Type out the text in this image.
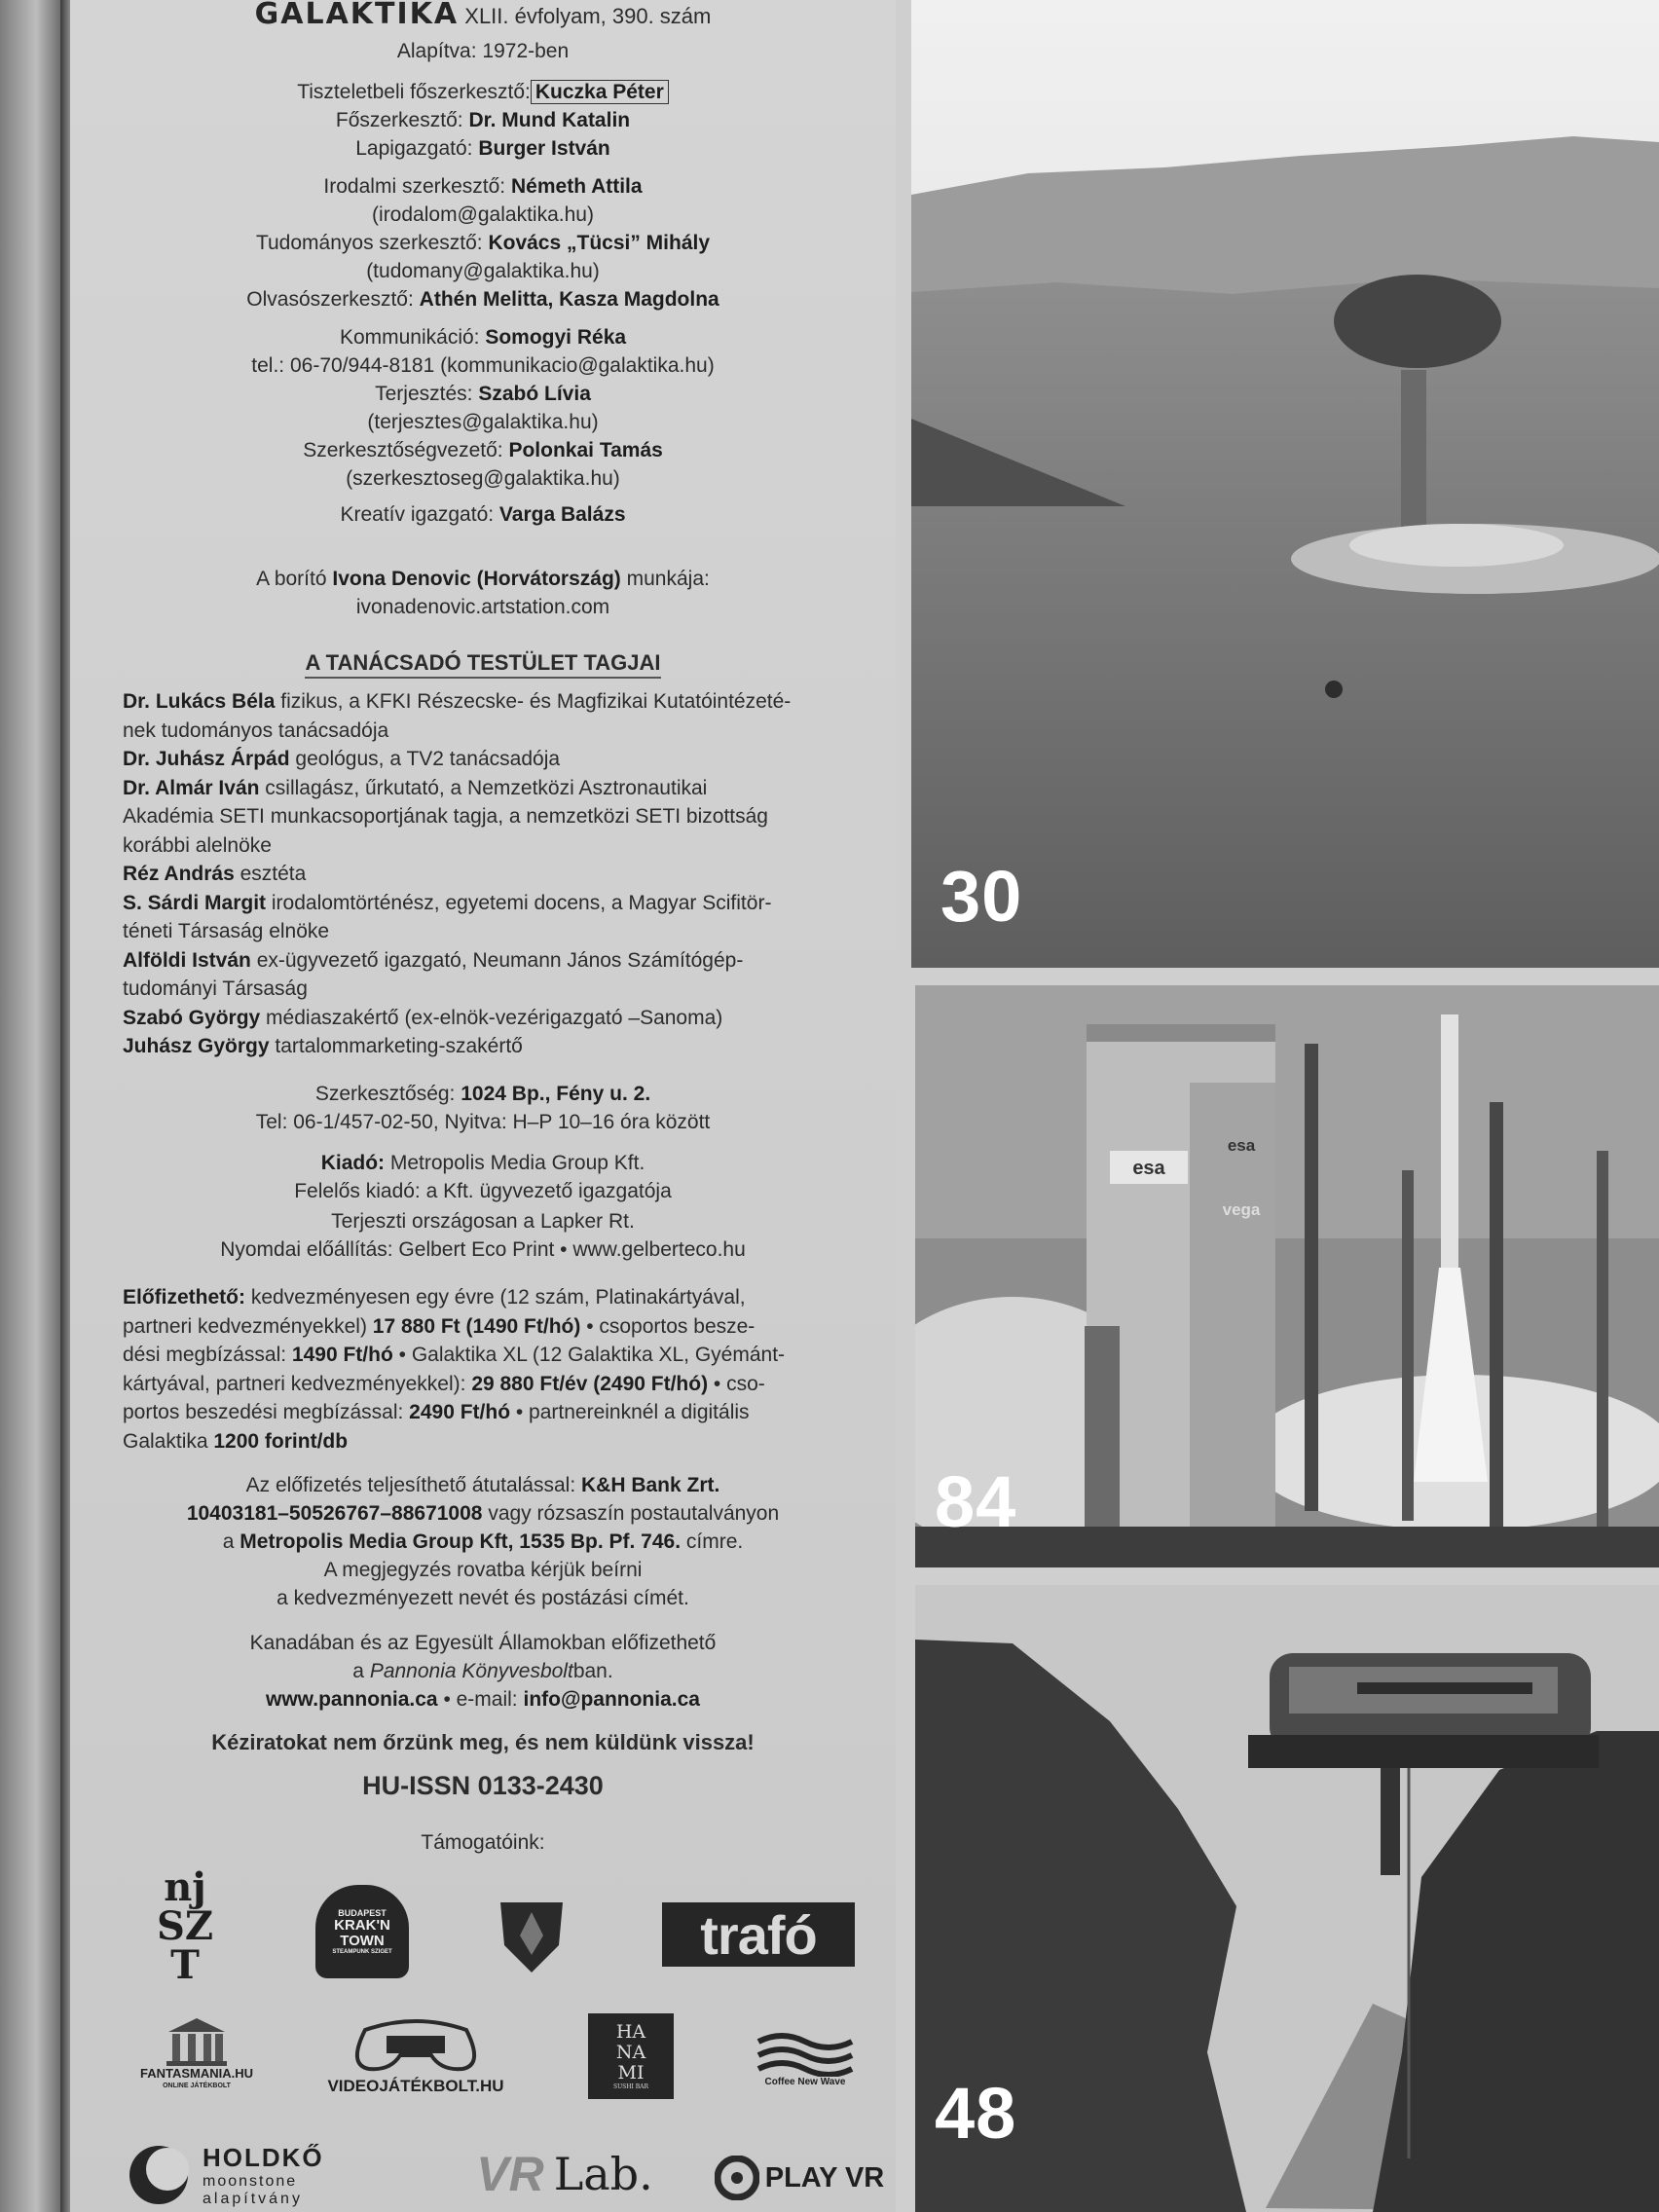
GALAKTIKA XLII. évfolyam, 390. szám
Alapítva: 1972-ben
Tiszteletbeli főszerkesztő: Kuczka Péter
Főszerkesztő: Dr. Mund Katalin
Lapigazgató: Burger István
Irodalmi szerkesztő: Németh Attila
(irodalom@galaktika.hu)
Tudományos szerkesztő: Kovács „Tücsi” Mihály
(tudomany@galaktika.hu)
Olvasószerkesztő: Athén Melitta, Kasza Magdolna
Kommunikáció: Somogyi Réka
tel.: 06-70/944-8181 (kommunikacio@galaktika.hu)
Terjesztés: Szabó Lívia
(terjesztes@galaktika.hu)
Szerkesztőségvezető: Polonkai Tamás
(szerkesztoseg@galaktika.hu)
Kreatív igazgató: Varga Balázs
A borító Ivona Denovic (Horvátország) munkája:
ivonadenovic.artstation.com
A TANÁCSADÓ TESTÜLET TAGJAI
Dr. Lukács Béla fizikus, a KFKI Részecske- és Magfizikai Kutatóintézeté-
nek tudományos tanácsadója
Dr. Juhász Árpád geológus, a TV2 tanácsadója
Dr. Almár Iván csillagász, űrkutató, a Nemzetközi Asztronautikai
Akadémia SETI munkacsoportjának tagja, a nemzetközi SETI bizottság
korábbi alelnöke
Réz András esztéta
S. Sárdi Margit irodalomtörténész, egyetemi docens, a Magyar Scifitör-
téneti Társaság elnöke
Alföldi István ex-ügyvezető igazgató, Neumann János Számítógép-
tudományi Társaság
Szabó György médiaszakértő (ex-elnök-vezérigazgató –Sanoma)
Juhász György tartalommarketing-szakértő
Szerkesztőség: 1024 Bp., Fény u. 2.
Tel: 06-1/457-02-50, Nyitva: H–P 10–16 óra között
Kiadó: Metropolis Media Group Kft.
Felelős kiadó: a Kft. ügyvezető igazgatója
Terjeszti országosan a Lapker Rt.
Nyomdai előállítás: Gelbert Eco Print • www.gelberteco.hu
Előfizethető: kedvezményesen egy évre (12 szám, Platinakártyával,
partneri kedvezményekkel) 17 880 Ft (1490 Ft/hó) • csoportos besze-
dési megbízással: 1490 Ft/hó • Galaktika XL (12 Galaktika XL, Gyémánt-
kártyával, partneri kedvezményekkel): 29 880 Ft/év (2490 Ft/hó) • cso-
portos beszedési megbízással: 2490 Ft/hó • partnereinknél a digitális
Galaktika 1200 forint/db
Az előfizetés teljesíthető átutalással: K&H Bank Zrt.
10403181–50526767–88671008 vagy rózsaszín postautalványon
a Metropolis Media Group Kft, 1535 Bp. Pf. 746. címre.
A megjegyzés rovatba kérjük beírni
a kedvezményezett nevét és postázási címét.
Kanadában és az Egyesült Államokban előfizethető
a Pannonia Könyvesboltban.
www.pannonia.ca • e-mail: info@pannonia.ca
Kéziratokat nem őrzünk meg, és nem küldünk vissza!
HU-ISSN 0133-2430
Támogatóink:
nj SZT
BUDAPEST
KRAK'N TOWN
STEAMPUNK SZIGET	trafó
FANTASMANIA.HU
ONLINE JÁTÉKBOLT	VIDEOJÁTÉKBOLT.HU
HA
NA
MI
SUSHI BAR	Coffee New Wave
HOLDKŐ
moonstone
alapítvány	VR Lab.	PLAY VR
30
esa
esa
vega
84
48
